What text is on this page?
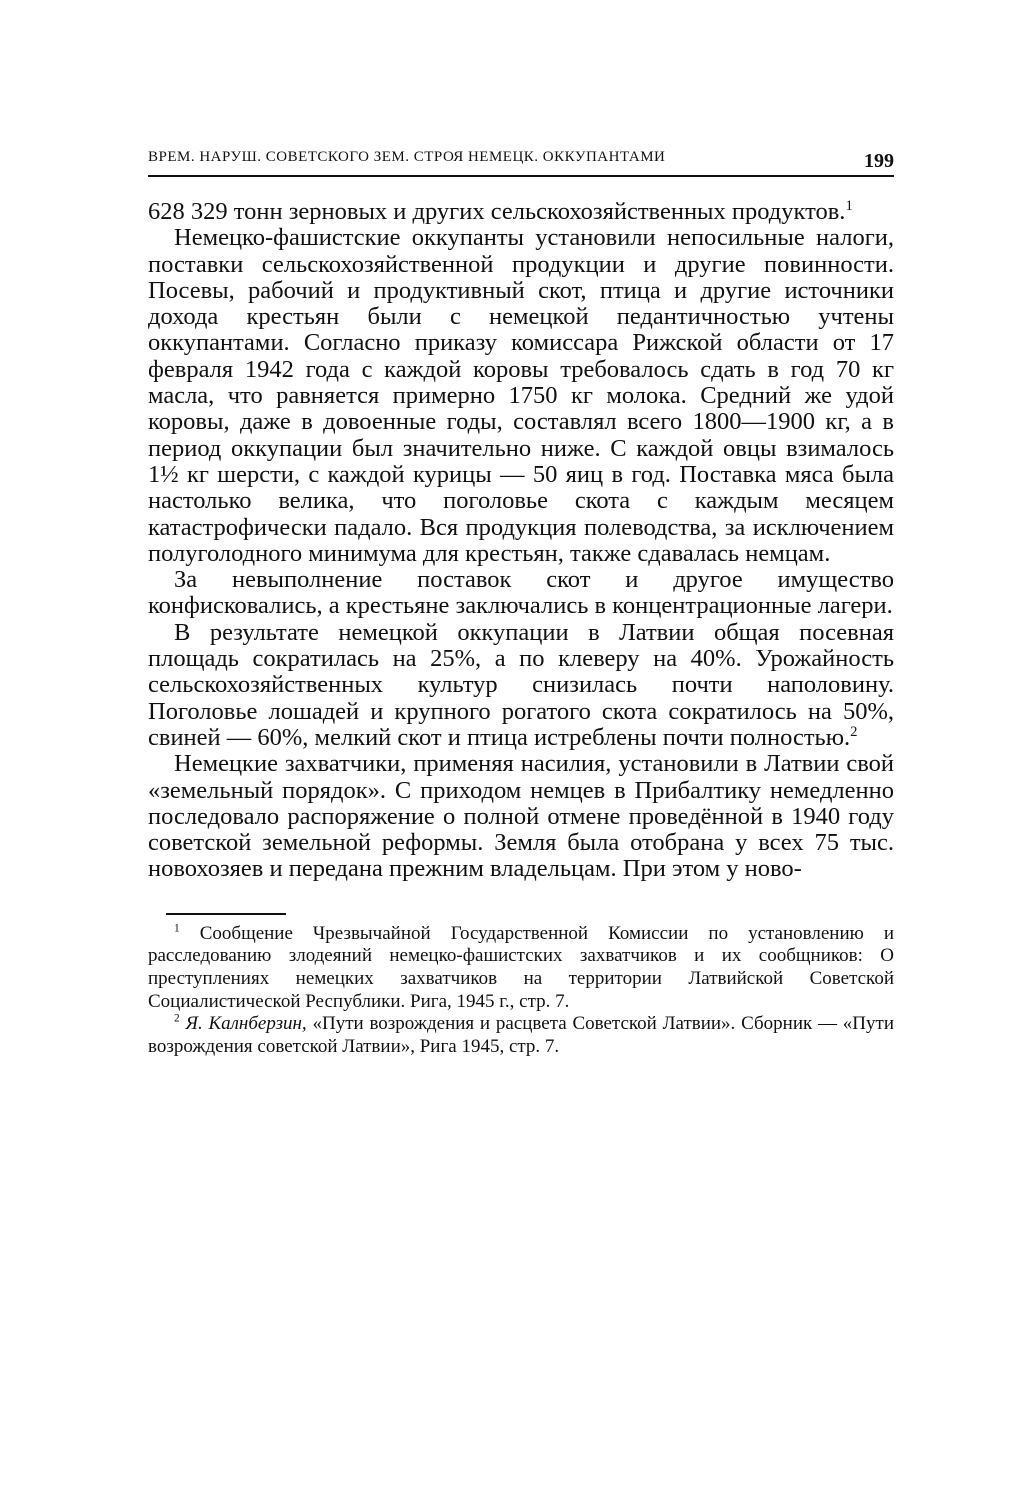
ВРЕМ. НАРУШ. СОВЕТСКОГО ЗЕМ. СТРОЯ НЕМЕЦК. ОККУПАНТАМИ	199

628 329 тонн зерновых и других сельскохозяйственных продуктов.$^1$

Немецко-фашистские оккупанты установили непосильные налоги, поставки сельскохозяйственной продукции и другие повинности. Посевы, рабочий и продуктивный скот, птица и другие источники дохода крестьян были с немецкой педантичностью учтены оккупантами. Согласно приказу комиссара Рижской области от 17 февраля 1942 года с каждой коровы требовалось сдать в год 70 кг масла, что равняется примерно 1750 кг молока. Средний же удой коровы, даже в довоенные годы, составлял всего 1800—1900 кг, а в период оккупации был значительно ниже. С каждой овцы взималось 1½ кг шерсти, с каждой курицы — 50 яиц в год. Поставка мяса была настолько велика, что поголовье скота с каждым месяцем катастрофически падало. Вся продукция полеводства, за исключением полуголодного минимума для крестьян, также сдавалась немцам.

За невыполнение поставок скот и другое имущество конфисковались, а крестьяне заключались в концентрационные лагери.

В результате немецкой оккупации в Латвии общая посевная площадь сократилась на 25%, а по клеверу на 40%. Урожайность сельскохозяйственных культур снизилась почти наполовину. Поголовье лошадей и крупного рогатого скота сократилось на 50%, свиней — 60%, мелкий скот и птица истреблены почти полностью.$^2$

Немецкие захватчики, применяя насилия, установили в Латвии свой «земельный порядок». С приходом немцев в Прибалтику немедленно последовало распоряжение о полной отмене проведённой в 1940 году советской земельной реформы. Земля была отобрана у всех 75 тыс. новохозяев и передана прежним владельцам. При этом у ново-

$^1$ Сообщение Чрезвычайной Государственной Комиссии по установлению и расследованию злодеяний немецко-фашистских захватчиков и их сообщников: О преступлениях немецких захватчиков на территории Латвийской Советской Социалистической Республики. Рига, 1945 г., стр. 7.

$^2$ Я. Калнберзин, «Пути возрождения и расцвета Советской Латвии». Сборник — «Пути возрождения советской Латвии», Рига 1945, стр. 7.
